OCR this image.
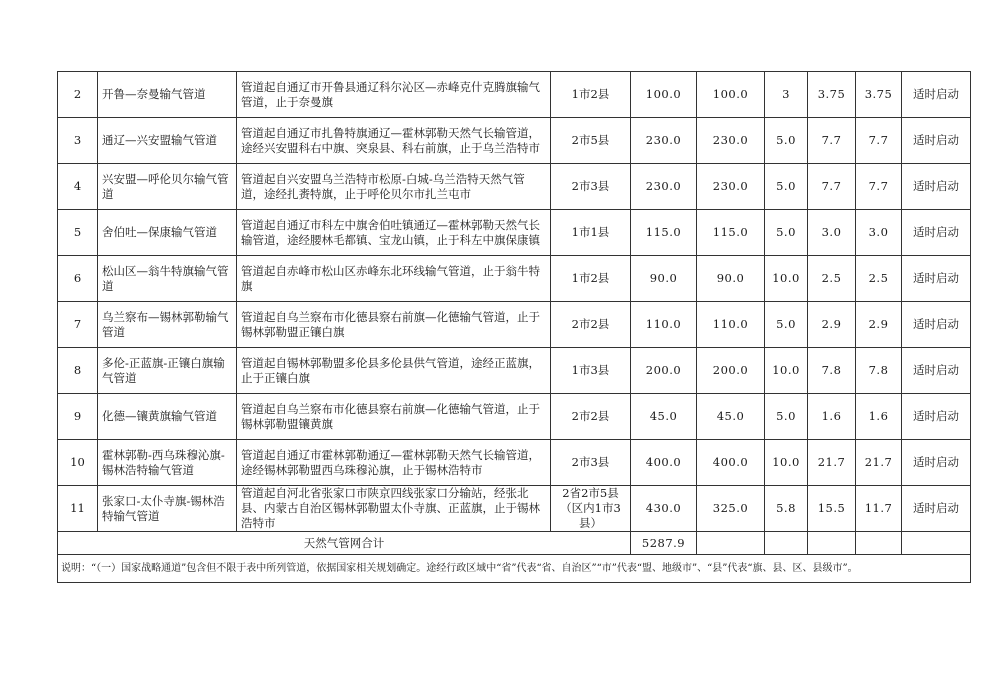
2	开鲁—奈曼输气管道	管道起自通辽市开鲁县通辽科尔沁区—赤峰克什克腾旗输气管道，止于奈曼旗	1市2县	100.0	100.0	3	3.75	3.75	适时启动
3	通辽—兴安盟输气管道	管道起自通辽市扎鲁特旗通辽—霍林郭勒天然气长输管道，途经兴安盟科右中旗、突泉县、科右前旗，止于乌兰浩特市	2市5县	230.0	230.0	5.0	7.7	7.7	适时启动
4	兴安盟—呼伦贝尔输气管道	管道起自兴安盟乌兰浩特市松原-白城-乌兰浩特天然气管道，途经扎赉特旗，止于呼伦贝尔市扎兰屯市	2市3县	230.0	230.0	5.0	7.7	7.7	适时启动
5	舍伯吐—保康输气管道	管道起自通辽市科左中旗舍伯吐镇通辽—霍林郭勒天然气长输管道，途经腰林毛都镇、宝龙山镇，止于科左中旗保康镇	1市1县	115.0	115.0	5.0	3.0	3.0	适时启动
6	松山区—翁牛特旗输气管道	管道起自赤峰市松山区赤峰东北环线输气管道，止于翁牛特旗	1市2县	90.0	90.0	10.0	2.5	2.5	适时启动
7	乌兰察布—锡林郭勒输气管道	管道起自乌兰察布市化德县察右前旗—化德输气管道，止于锡林郭勒盟正镶白旗	2市2县	110.0	110.0	5.0	2.9	2.9	适时启动
8	多伦-正蓝旗-正镶白旗输气管道	管道起自锡林郭勒盟多伦县多伦县供气管道，途经正蓝旗，止于正镶白旗	1市3县	200.0	200.0	10.0	7.8	7.8	适时启动
9	化德—镶黄旗输气管道	管道起自乌兰察布市化德县察右前旗—化德输气管道，止于锡林郭勒盟镶黄旗	2市2县	45.0	45.0	5.0	1.6	1.6	适时启动
10	霍林郭勒-西乌珠穆沁旗-锡林浩特输气管道	管道起自通辽市霍林郭勒通辽—霍林郭勒天然气长输管道，途经锡林郭勒盟西乌珠穆沁旗，止于锡林浩特市	2市3县	400.0	400.0	10.0	21.7	21.7	适时启动
11	张家口-太仆寺旗-锡林浩特输气管道	管道起自河北省张家口市陕京四线张家口分输站，经张北县、内蒙古自治区锡林郭勒盟太仆寺旗、正蓝旗，止于锡林浩特市	2省2市5县（区内1市3县）	430.0	325.0	5.8	15.5	11.7	适时启动
天然气管网合计				5287.9					
说明：“（一）国家战略通道”包含但不限于表中所列管道，依据国家相关规划确定。途经行政区域中“省”代表“省、自治区”“市”代表“盟、地级市”、“县”代表“旗、县、区、县级市”。									
